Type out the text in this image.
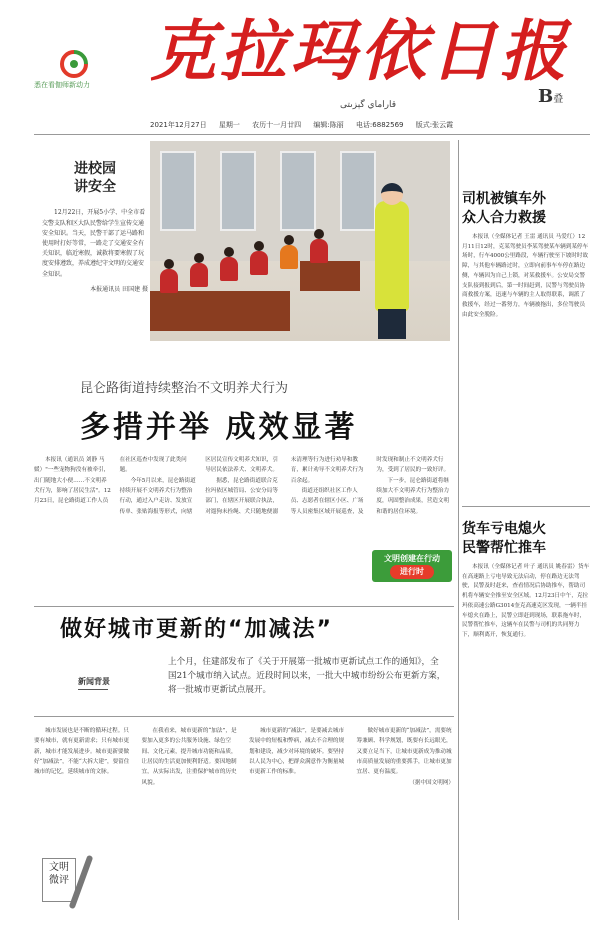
悉在看伽师新动力 克拉玛依日报
قاراماي گېزىتى	B叠
2021年12月27日 星期一 农历十一月廿四 编辑:陈丽 电话:6882569 版式:张云霞
进校园
讲安全
12月22日，开展5小学、中全市看交警支队和区大队民警给学生宣传交通安全知识。当天，民警干部了运马路和使用时打好等常，一路走了交通安全有关知识，临近寒假，诚救将要寒假了玩度安排遵致，养成遵纪守文明的交通安全知识。
本报通讯员 田国建 摄
司机被镇车外
众人合力救援
本报讯（全媒体记者 王雷 通讯员 马爱红）12月11日12时，克某驾驶员李某驾驶某车辆到某停车场时，行车4000公里路段，车辆行驶至下坡时时故障，与其他车辆路过时，立即向前事车车停在路边侧，车辆因为自己上锁，对某救援车。公安局交警支队接到报到后，第一时间赶到，民警与驾驶员协商救援方案，迅速与车辆的主人取得联系，调派了救援车，经过一番努力，车辆被拖出，多位驾驶员由此安全脱险。
货车亏电熄火
民警帮忙推车
本报讯（全媒体记者 叶子 通讯员 姚春雷）货车在高速路上亏电导致无法启动，停在路边无法驾驶，民警及时赶来，查看情况后协助推车，帮助司机将车辆安全推至安全区域。12月23日中午，克拉玛依高速公路G3014奎克高速克区发现，一辆半挂车熄火在路上，民警立即赶到现场，联系拖车时，民警帮忙推车，这辆车在民警与司机的共同努力下，顺利离开，恢复通行。
昆仑路街道持续整治不文明养犬行为
多措并举 成效显著

本报讯（通讯员 刘静 马媛）"一些宠物狗没有被牵引，出门随地大小便……不文明养犬行为，影响了居民生活"。12月23日，昆仑路街道工作人员在社区巡查中发现了此类问题。

今年5月以来，昆仑路街道持续开展不文明养犬行为整治行动，通过入户走访、发放宣传单、张贴海报等形式，向辖区居民宣传文明养犬知识，引导居民依法养犬、文明养犬。

据悉，昆仑路街道联合克拉玛依区城管局、公安分局等部门，在辖区开展联合执法，对遛狗未拴绳、犬只随地便溺未清理等行为进行劝导和教育，累计劝导不文明养犬行为百余起。

街道还组织社区工作人员、志愿者在辖区小区、广场等人员密集区域开展巡查，及时发现和制止不文明养犬行为，受到了居民的一致好评。

下一步，昆仑路街道将继续加大不文明养犬行为整治力度，巩固整治成果，营造文明和谐的居住环境。

文明创建在行动
进行时
做好城市更新的“加减法”
新闻背景
上个月，住建部发布了《关于开展第一批城市更新试点工作的通知》，全国21个城市纳入试点。近段时间以来，一批大中城市纷纷公布更新方案，将一批城市更新试点展开。

城市发展也是不断的循环过程。只要有城市，就有更新需求；只有城市更新，城市才能发展进步。城市更新要做好“加减法”，不能“大拆大建”，要留住城市的记忆，延续城市的文脉。

在我看来，城市更新的“加法”，是要加入更多的公共服务设施、绿色空间、文化元素，提升城市功能和品质，让居民的生活更加便利舒适。要因地制宜，从实际出发，注重保护城市的历史风貌。

城市更新的“减法”，是要减去城市发展中的短板和弊病，减去不合理的规划和建设，减少对环境的破坏。要坚持以人民为中心，把群众满意作为衡量城市更新工作的标准。

做好城市更新的“加减法”，需要统筹兼顾、科学规划，既要有长远眼光，又要立足当下，让城市更新成为推动城市高质量发展的重要抓手，让城市更加宜居、更有温度。

（据中国文明网）

文明
微评
